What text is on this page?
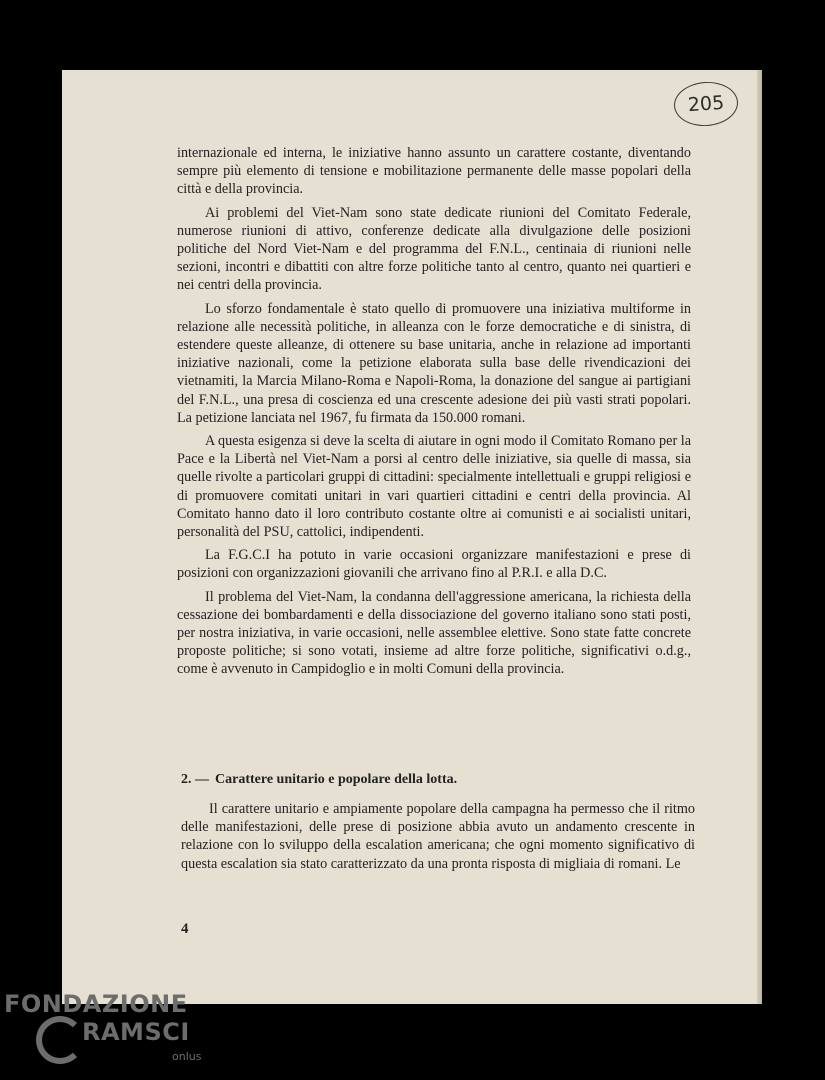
205

internazionale ed interna, le iniziative hanno assunto un carattere costante, diventando sempre più elemento di tensione e mobilitazione permanente delle masse popolari della città e della provincia.

Ai problemi del Viet-Nam sono state dedicate riunioni del Comitato Federale, numerose riunioni di attivo, conferenze dedicate alla divulgazione delle posizioni politiche del Nord Viet-Nam e del programma del F.N.L., centinaia di riunioni nelle sezioni, incontri e dibattiti con altre forze politiche tanto al centro, quanto nei quartieri e nei centri della provincia.

Lo sforzo fondamentale è stato quello di promuovere una iniziativa multiforme in relazione alle necessità politiche, in alleanza con le forze democratiche e di sinistra, di estendere queste alleanze, di ottenere su base unitaria, anche in relazione ad importanti iniziative nazionali, come la petizione elaborata sulla base delle rivendicazioni dei vietnamiti, la Marcia Milano-Roma e Napoli-Roma, la donazione del sangue ai partigiani del F.N.L., una presa di coscienza ed una crescente adesione dei più vasti strati popolari. La petizione lanciata nel 1967, fu firmata da 150.000 romani.

A questa esigenza si deve la scelta di aiutare in ogni modo il Comitato Romano per la Pace e la Libertà nel Viet-Nam a porsi al centro delle iniziative, sia quelle di massa, sia quelle rivolte a particolari gruppi di cittadini: specialmente intellettuali e gruppi religiosi e di promuovere comitati unitari in vari quartieri cittadini e centri della provincia. Al Comitato hanno dato il loro contributo costante oltre ai comunisti e ai socialisti unitari, personalità del PSU, cattolici, indipendenti.

La F.G.C.I ha potuto in varie occasioni organizzare manifestazioni e prese di posizioni con organizzazioni giovanili che arrivano fino al P.R.I. e alla D.C.

Il problema del Viet-Nam, la condanna dell'aggressione americana, la richiesta della cessazione dei bombardamenti e della dissociazione del governo italiano sono stati posti, per nostra iniziativa, in varie occasioni, nelle assemblee elettive. Sono state fatte concrete proposte politiche; si sono votati, insieme ad altre forze politiche, significativi o.d.g., come è avvenuto in Campidoglio e in molti Comuni della provincia.

2. — Carattere unitario e popolare della lotta.

Il carattere unitario e ampiamente popolare della campagna ha permesso che il ritmo delle manifestazioni, delle prese di posizione abbia avuto un andamento crescente in relazione con lo sviluppo della escalation americana; che ogni momento significativo di questa escalation sia stato caratterizzato da una pronta risposta di migliaia di romani. Le

4
FONDAZIONE
RAMSCI
onlus
